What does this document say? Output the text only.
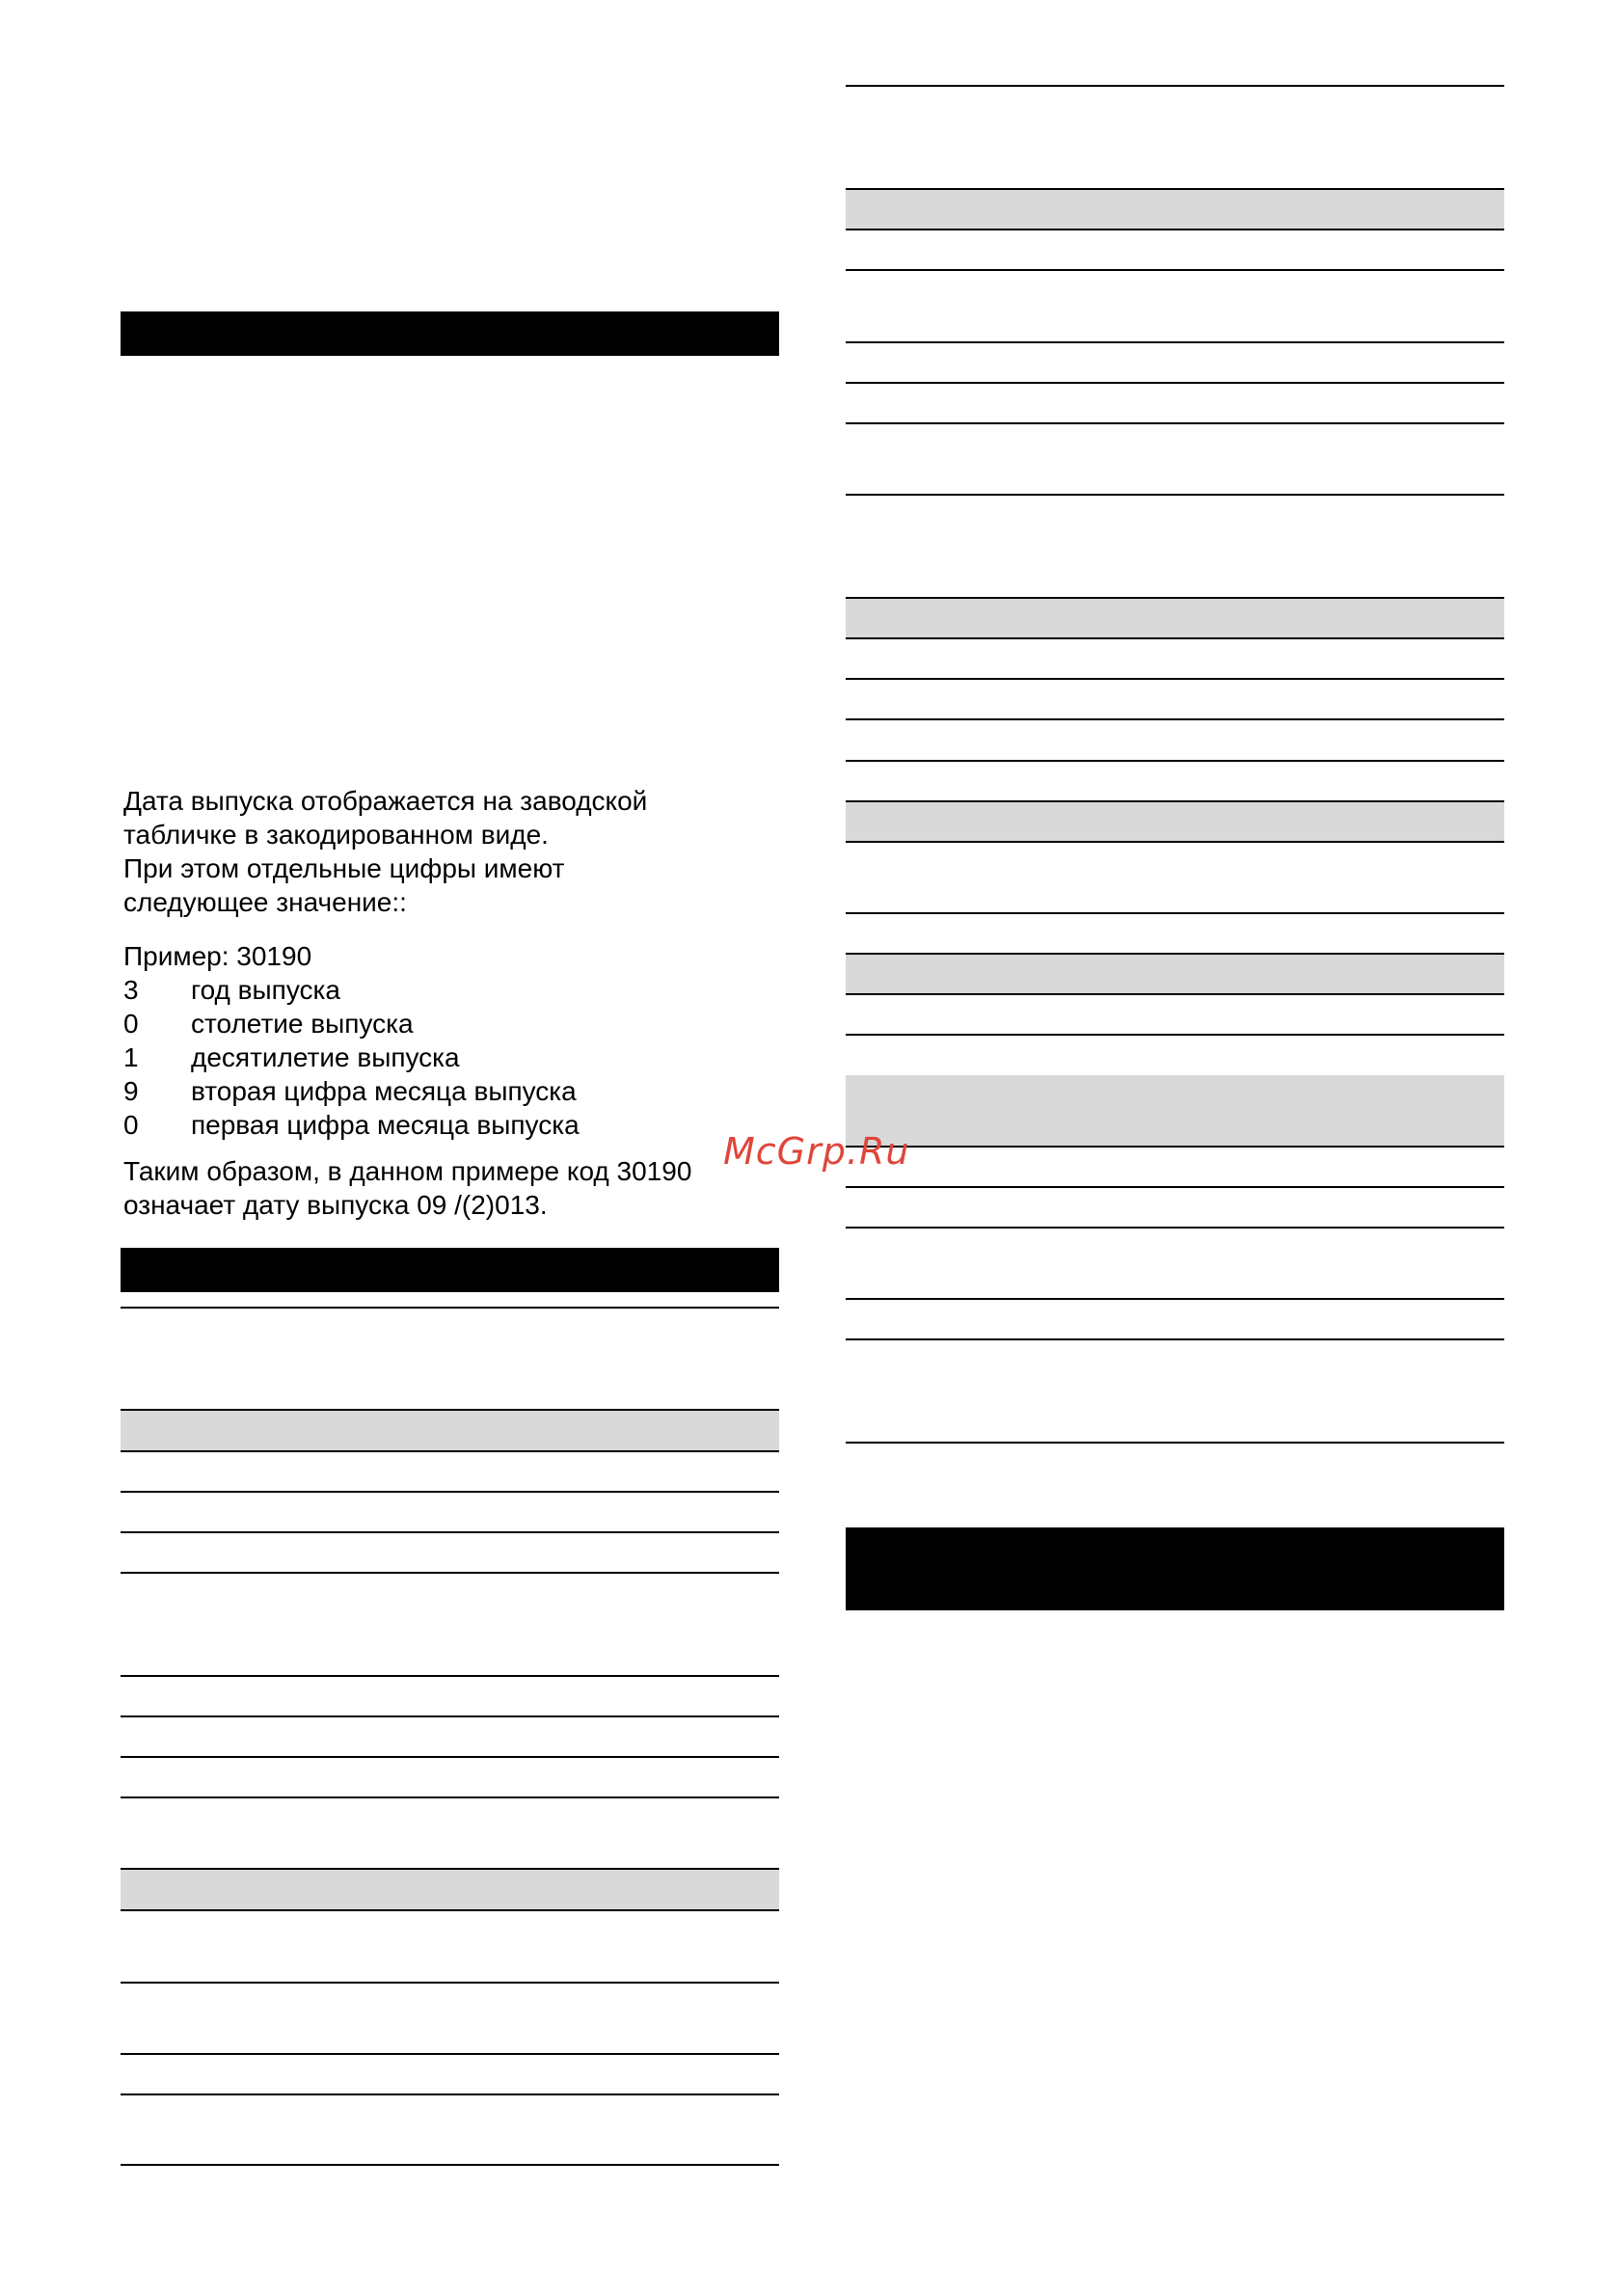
Дата выпуска отображается на заводской

табличке в закодированном виде.

При этом отдельные цифры имеют

следующее значение::

Пример: 30190
3	год выпуска
0	столетие выпуска
1	десятилетие выпуска
9	вторая цифра месяца выпуска
0	первая цифра месяца выпуска

Таким образом, в данном примере код 30190

означает дату выпуска 09 /(2)013.

McGrp.Ru
